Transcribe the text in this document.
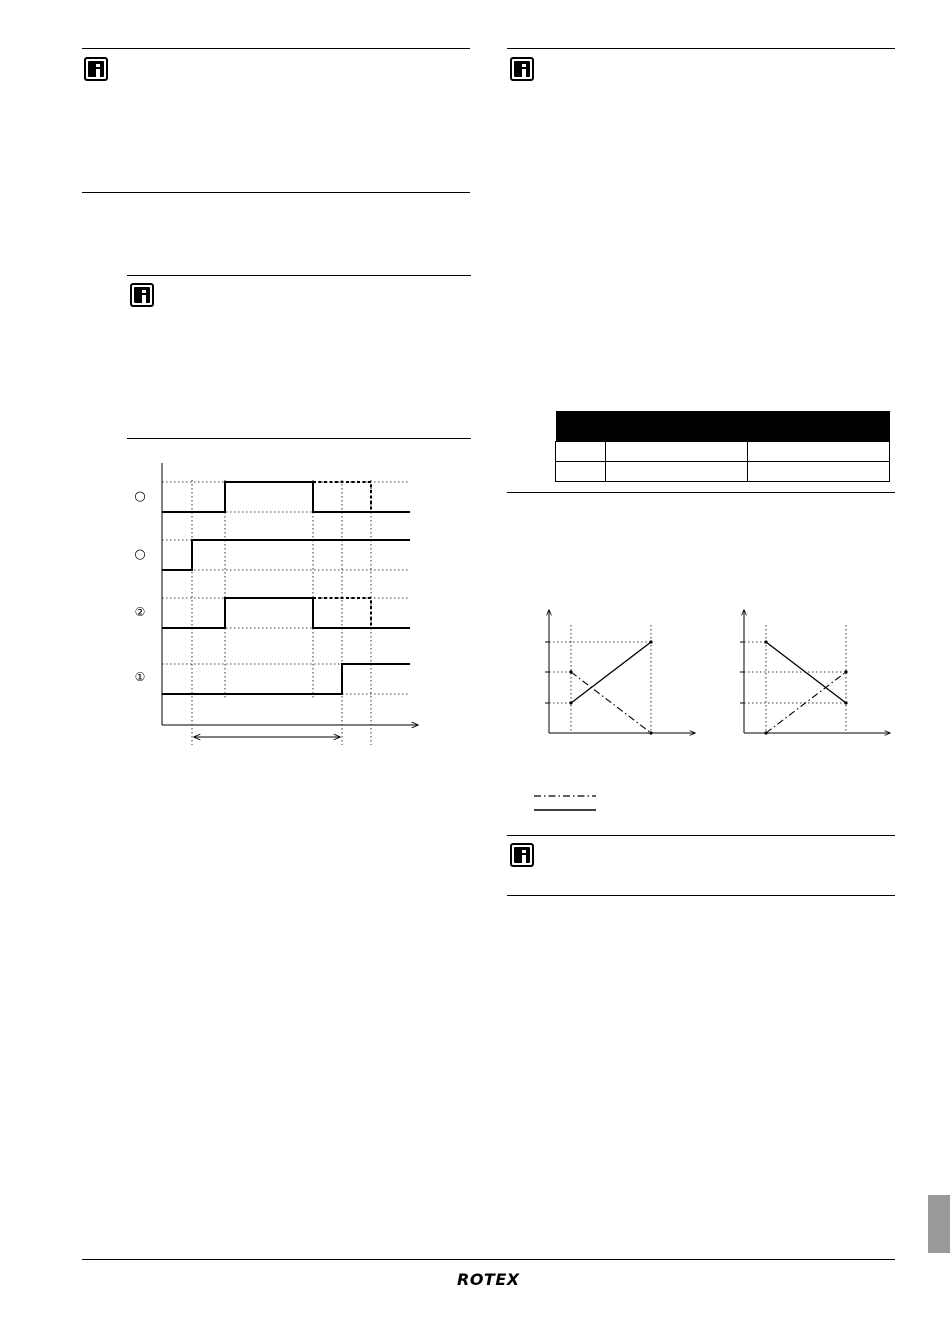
○
○
②
①

ROTEX
